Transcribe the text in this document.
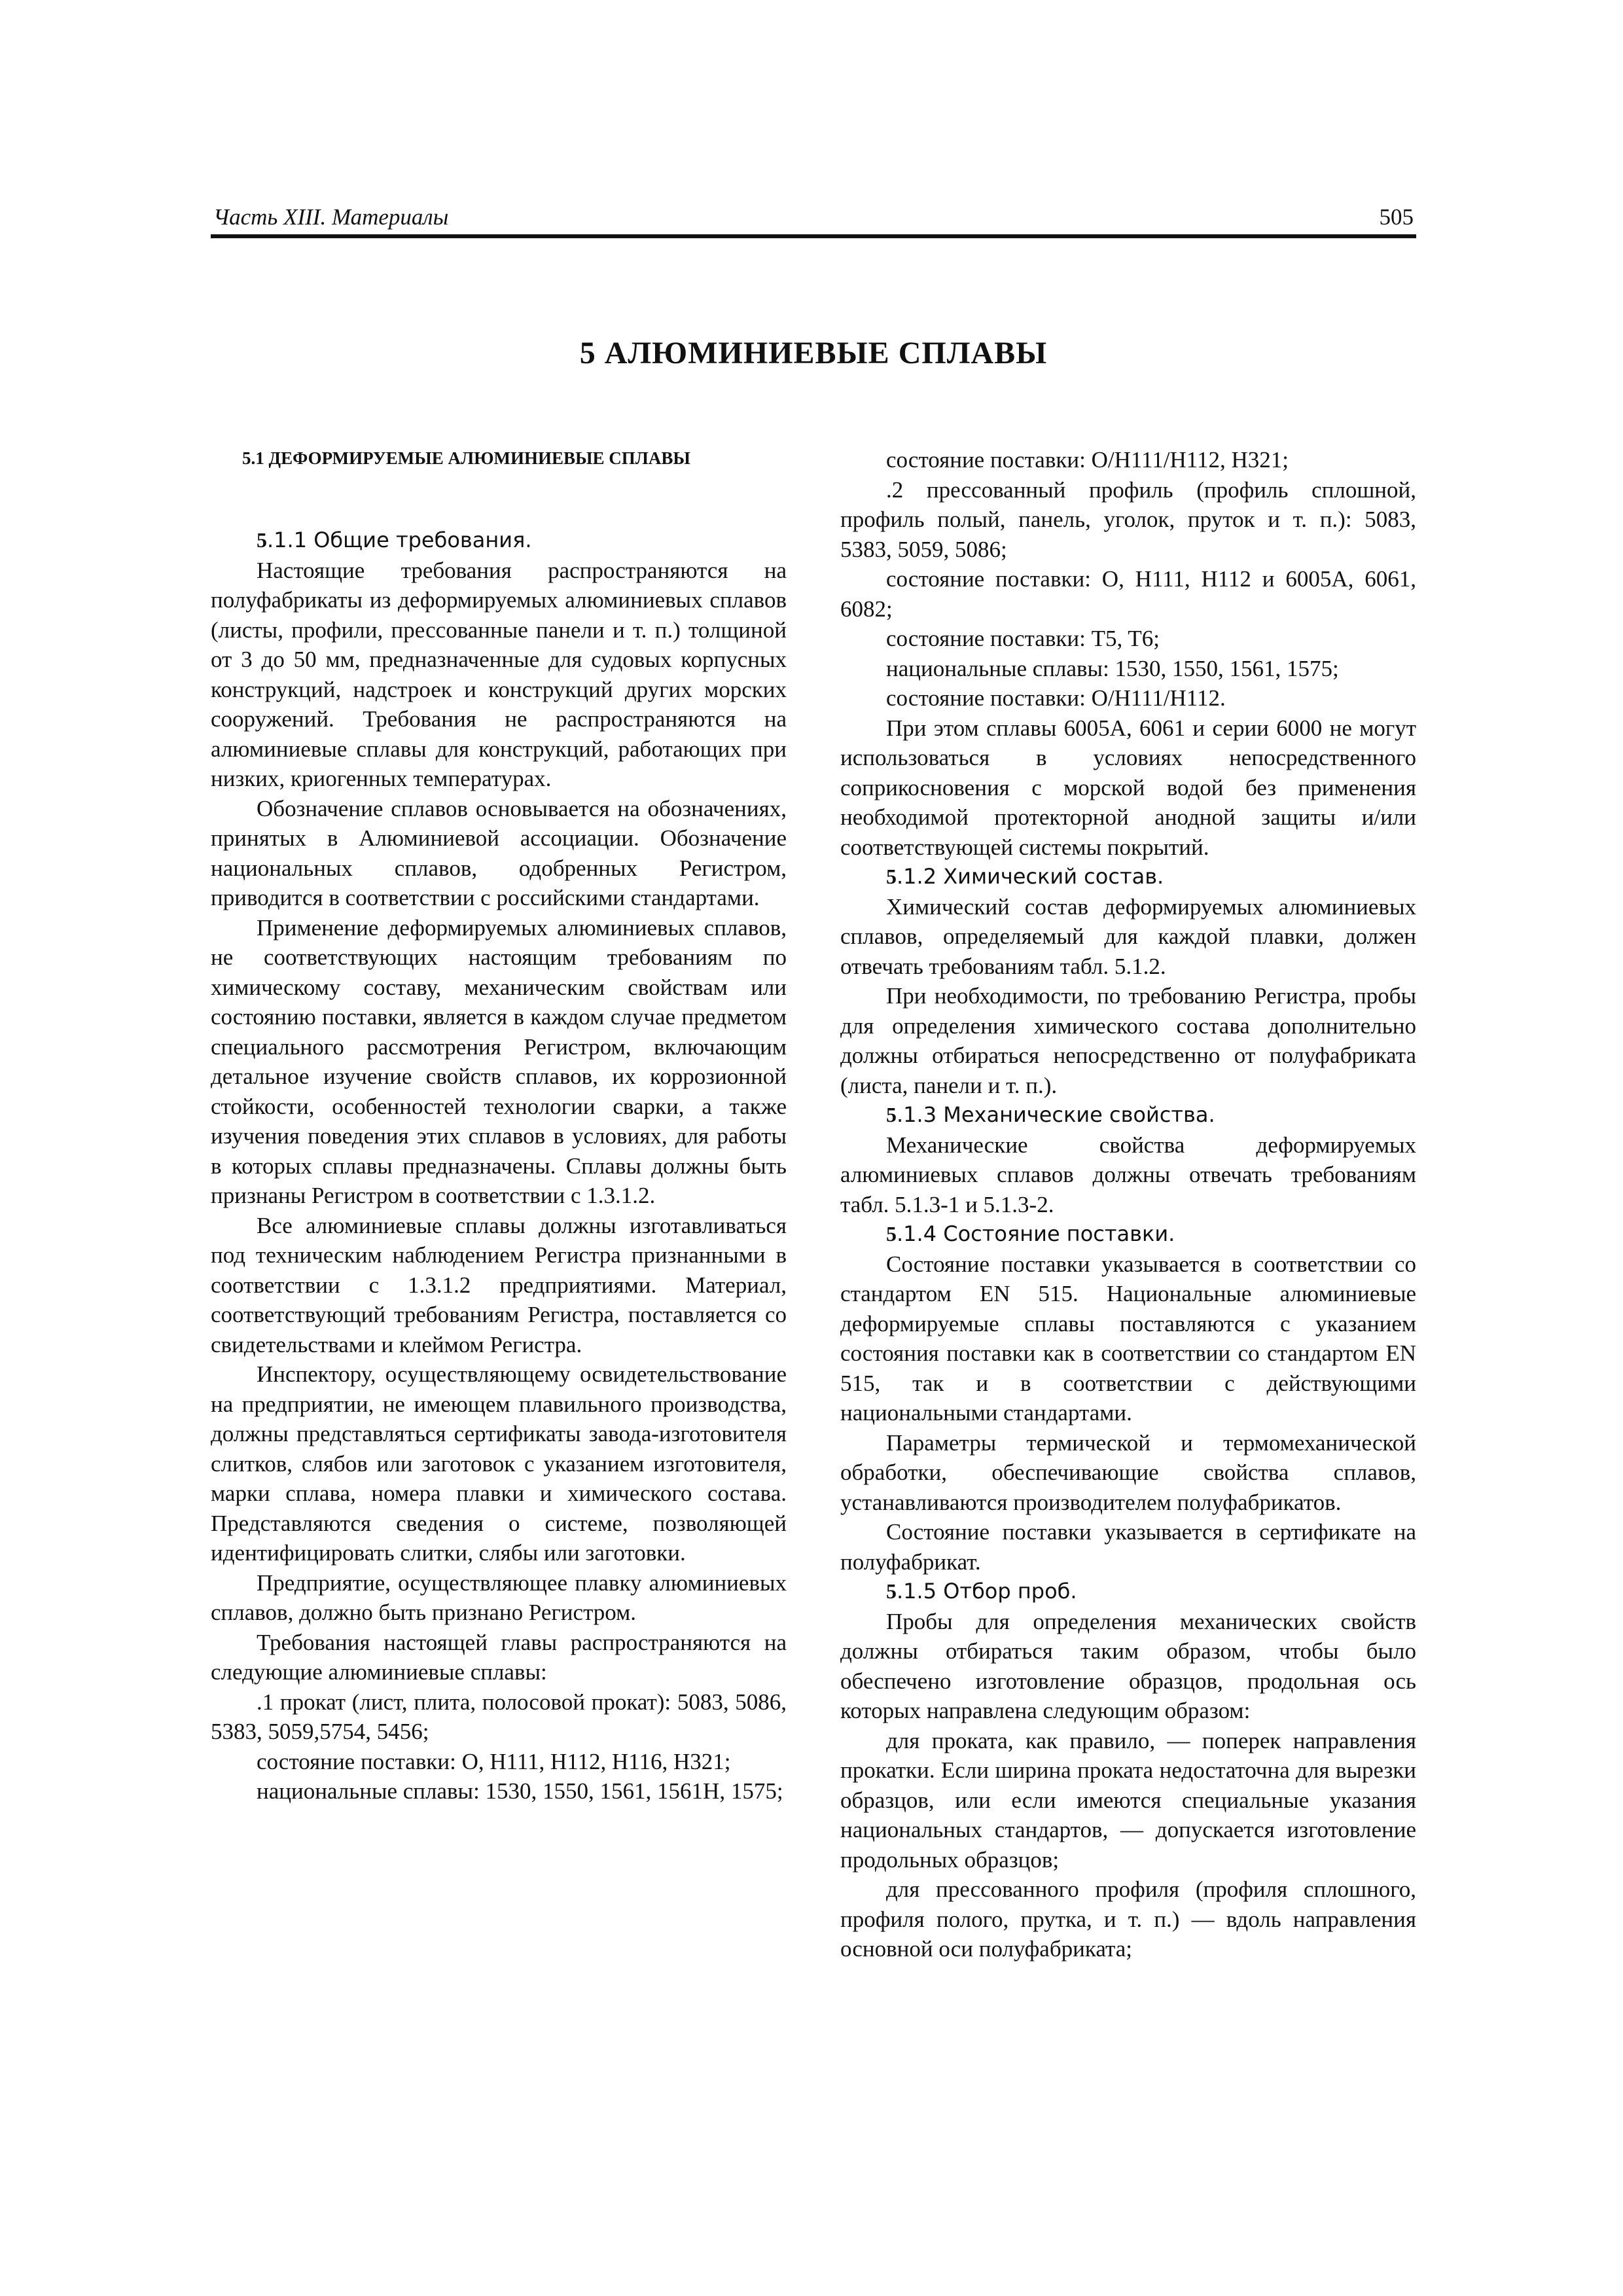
Часть XIII. Материалы	505
5 АЛЮМИНИЕВЫЕ СПЛАВЫ

5.1 ДЕФОРМИРУЕМЫЕ АЛЮМИНИЕВЫЕ СПЛАВЫ

5.1.1 Общие требования.

Настоящие требования распространяются на полуфабрикаты из деформируемых алюминиевых сплавов (листы, профили, прессованные панели и т. п.) толщиной от 3 до 50 мм, предназначенные для судовых корпусных конструкций, надстроек и конструкций других морских сооружений. Требования не распространяются на алюминиевые сплавы для конструкций, работающих при низких, криогенных температурах.

Обозначение сплавов основывается на обозначениях, принятых в Алюминиевой ассоциации. Обозначение национальных сплавов, одобренных Регистром, приводится в соответствии с российскими стандартами.

Применение деформируемых алюминиевых сплавов, не соответствующих настоящим требованиям по химическому составу, механическим свойствам или состоянию поставки, является в каждом случае предметом специального рассмотрения Регистром, включающим детальное изучение свойств сплавов, их коррозионной стойкости, особенностей технологии сварки, а также изучения поведения этих сплавов в условиях, для работы в которых сплавы предназначены. Сплавы должны быть признаны Регистром в соответствии с 1.3.1.2.

Все алюминиевые сплавы должны изготавливаться под техническим наблюдением Регистра признанными в соответствии с 1.3.1.2 предприятиями. Материал, соответствующий требованиям Регистра, поставляется со свидетельствами и клеймом Регистра.

Инспектору, осуществляющему освидетельствование на предприятии, не имеющем плавильного производства, должны представляться сертификаты завода-изготовителя слитков, слябов или заготовок с указанием изготовителя, марки сплава, номера плавки и химического состава. Представляются сведения о системе, позволяющей идентифицировать слитки, слябы или заготовки.

Предприятие, осуществляющее плавку алюминиевых сплавов, должно быть признано Регистром.

Требования настоящей главы распространяются на следующие алюминиевые сплавы:

.1 прокат (лист, плита, полосовой прокат): 5083, 5086, 5383, 5059,5754, 5456;

состояние поставки: O, H111, H112, H116, H321;

национальные сплавы: 1530, 1550, 1561, 1561H, 1575;

состояние поставки: O/H111/H112, H321;

.2 прессованный профиль (профиль сплошной, профиль полый, панель, уголок, пруток и т. п.): 5083, 5383, 5059, 5086;

состояние поставки: O, H111, H112 и 6005A, 6061, 6082;

состояние поставки: T5, T6;

национальные сплавы: 1530, 1550, 1561, 1575;

состояние поставки: O/H111/H112.

При этом сплавы 6005A, 6061 и серии 6000 не могут использоваться в условиях непосредственного соприкосновения с морской водой без применения необходимой протекторной анодной защиты и/или соответствующей системы покрытий.

5.1.2 Химический состав.

Химический состав деформируемых алюминиевых сплавов, определяемый для каждой плавки, должен отвечать требованиям табл. 5.1.2.

При необходимости, по требованию Регистра, пробы для определения химического состава дополнительно должны отбираться непосредственно от полуфабриката (листа, панели и т. п.).

5.1.3 Механические свойства.

Механические свойства деформируемых алюминиевых сплавов должны отвечать требованиям табл. 5.1.3-1 и 5.1.3-2.

5.1.4 Состояние поставки.

Состояние поставки указывается в соответствии со стандартом EN 515. Национальные алюминиевые деформируемые сплавы поставляются с указанием состояния поставки как в соответствии со стандартом EN 515, так и в соответствии с действующими национальными стандартами.

Параметры термической и термомеханической обработки, обеспечивающие свойства сплавов, устанавливаются производителем полуфабрикатов.

Состояние поставки указывается в сертификате на полуфабрикат.

5.1.5 Отбор проб.

Пробы для определения механических свойств должны отбираться таким образом, чтобы было обеспечено изготовление образцов, продольная ось которых направлена следующим образом:

для проката, как правило, — поперек направления прокатки. Если ширина проката недостаточна для вырезки образцов, или если имеются специальные указания национальных стандартов, — допускается изготовление продольных образцов;

для прессованного профиля (профиля сплошного, профиля полого, прутка, и т. п.) — вдоль направления основной оси полуфабриката;
